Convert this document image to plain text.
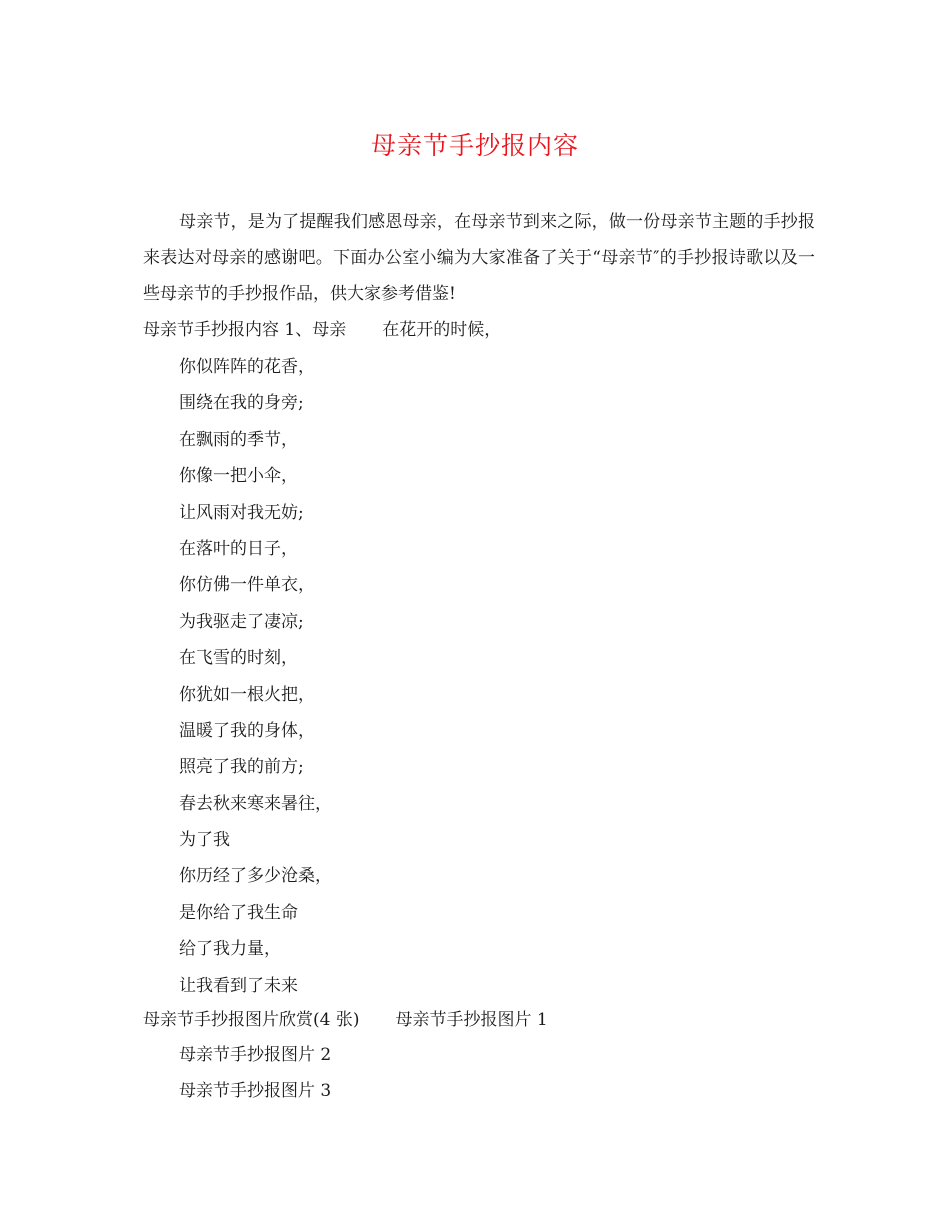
母亲节手抄报内容

母亲节，是为了提醒我们感恩母亲，在母亲节到来之际，做一份母亲节主题的手抄报来表达对母亲的感谢吧。下面办公室小编为大家准备了关于“母亲节″的手抄报诗歌以及一些母亲节的手抄报作品，供大家参考借鉴!

母亲节手抄报内容 1、母亲 在花开的时候，
你似阵阵的花香，
围绕在我的身旁;
在飘雨的季节，
你像一把小伞，
让风雨对我无妨;
在落叶的日子，
你仿佛一件单衣，
为我驱走了凄凉;
在飞雪的时刻，
你犹如一根火把，
温暖了我的身体，
照亮了我的前方;
春去秋来寒来暑往，
为了我
你历经了多少沧桑，
是你给了我生命
给了我力量，
让我看到了未来
母亲节手抄报图片欣赏(4 张) 母亲节手抄报图片 1
母亲节手抄报图片 2
母亲节手抄报图片 3
